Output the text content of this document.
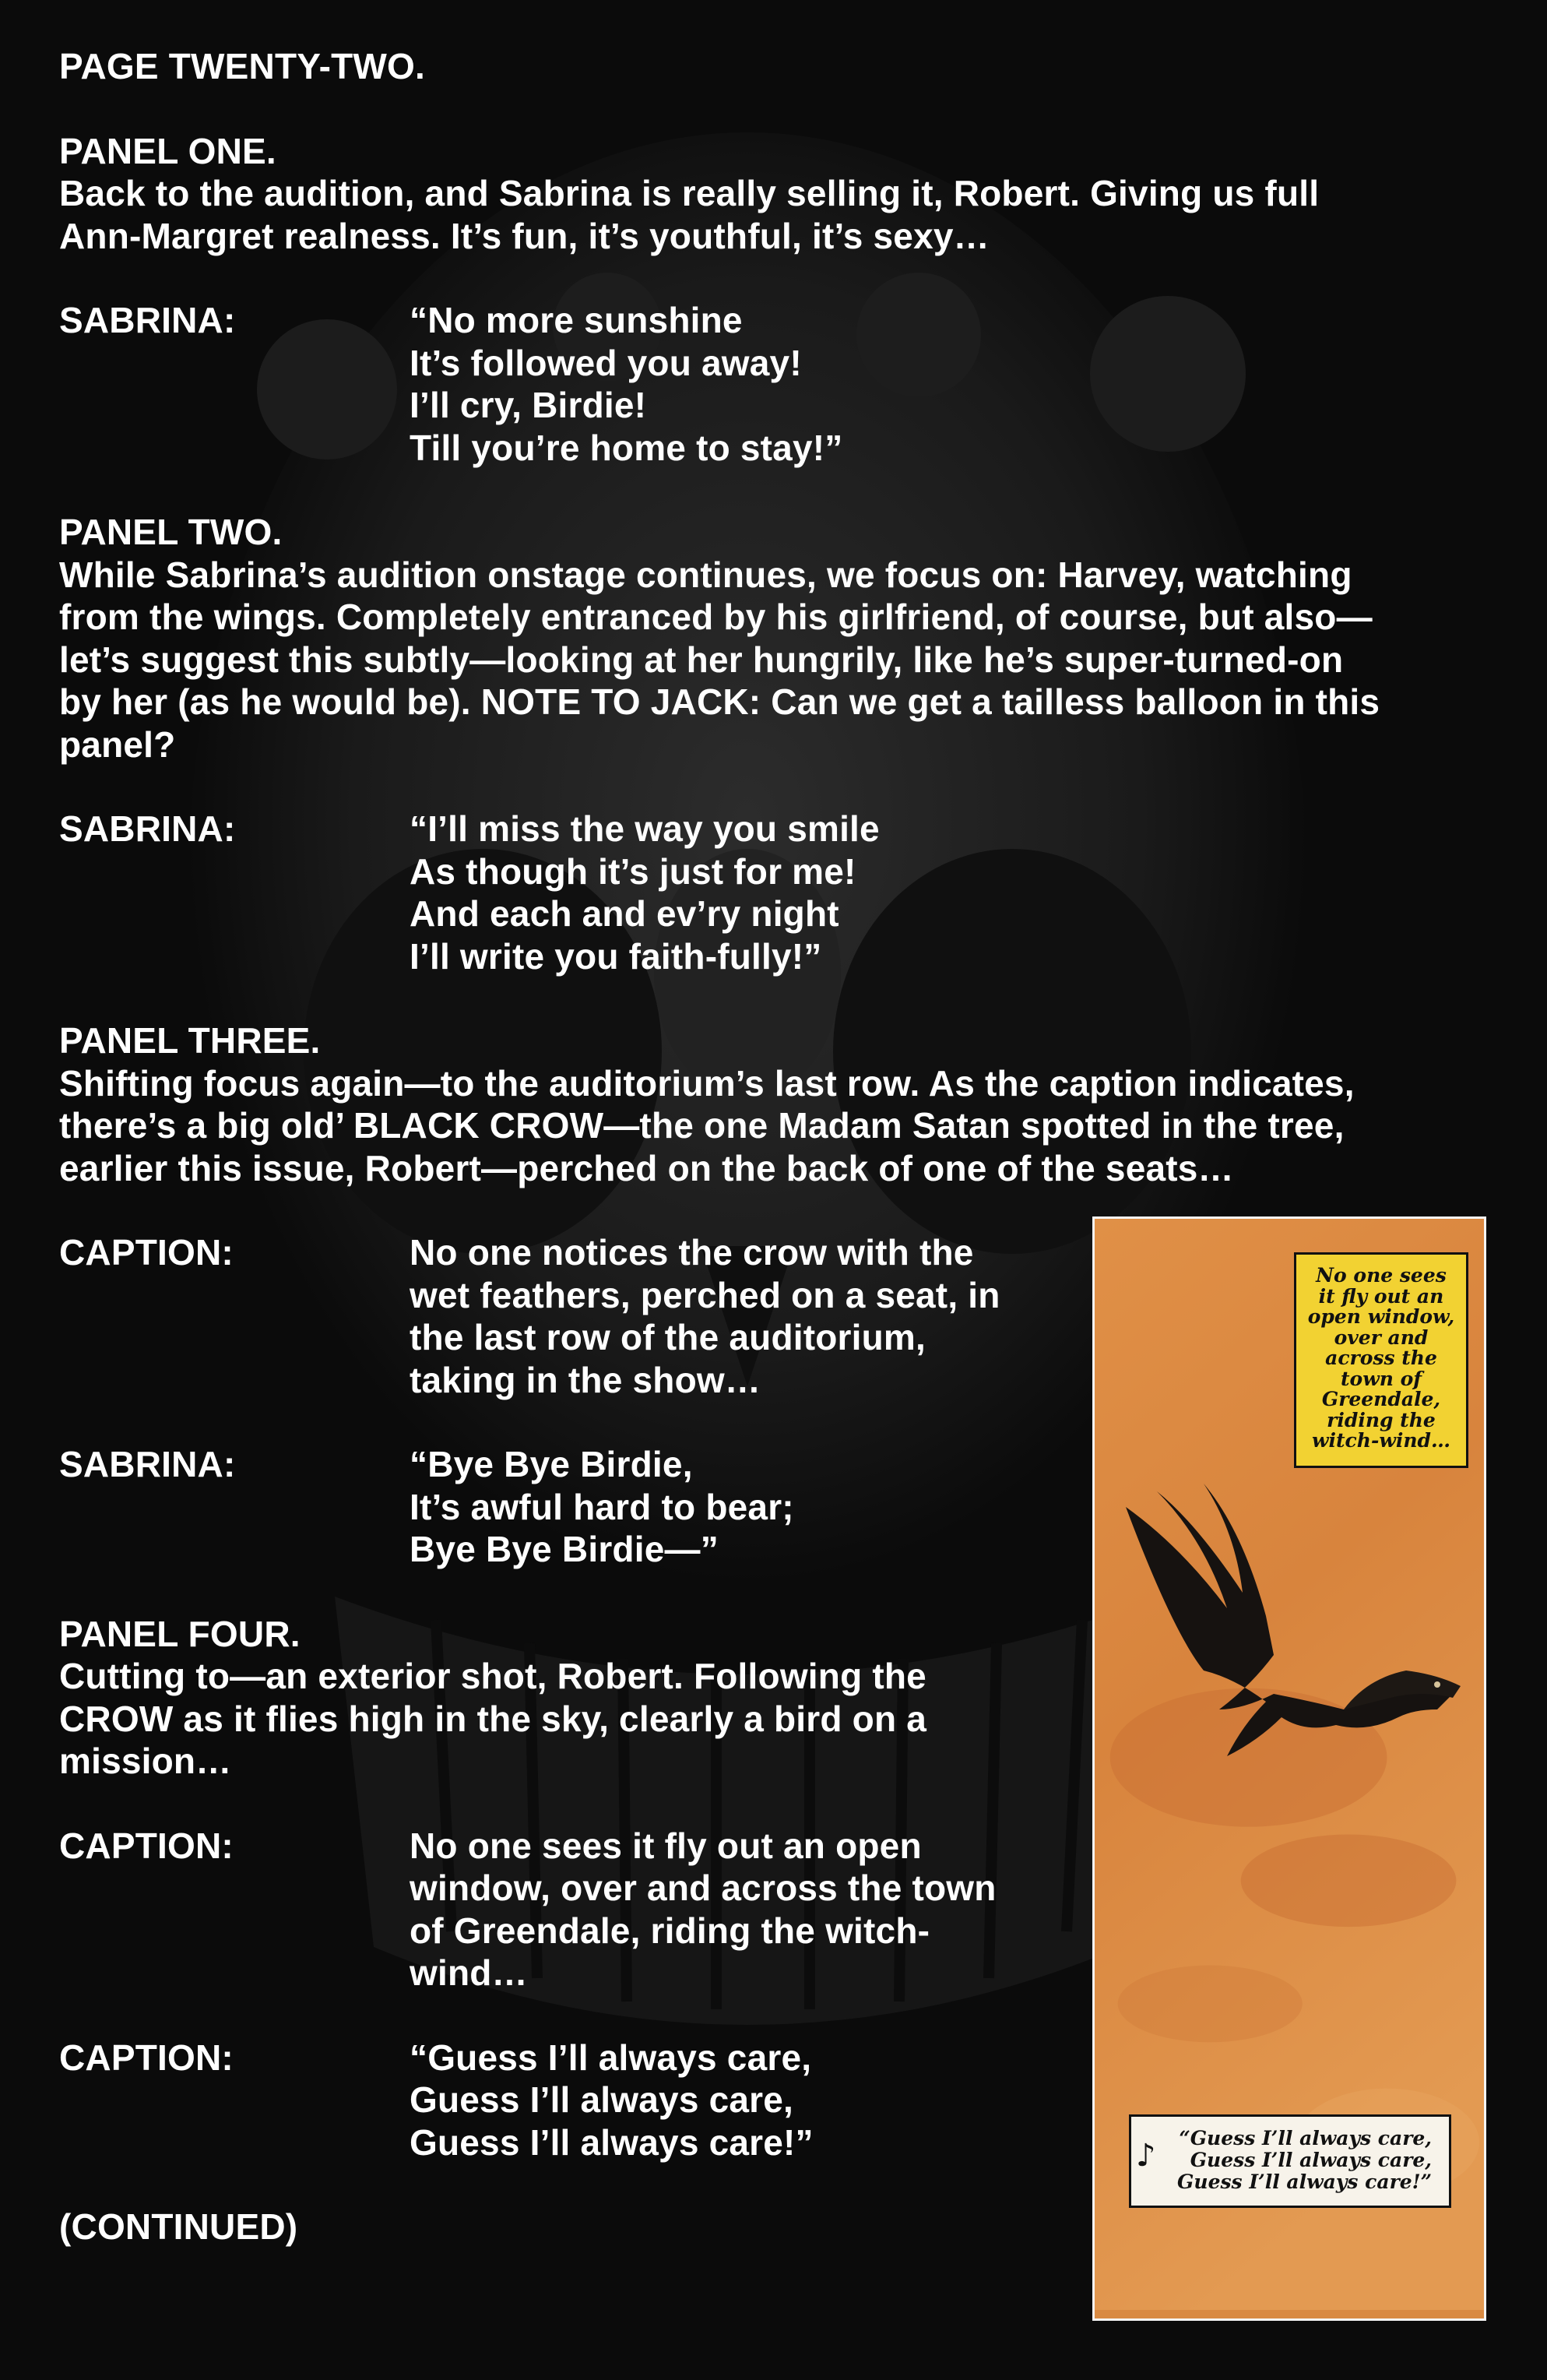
PAGE TWENTY-TWO.
PANEL ONE.
Back to the audition, and Sabrina is really selling it, Robert. Giving us full
Ann-Margret realness. It’s fun, it’s youthful, it’s sexy…
SABRINA:	“No more sunshine
It’s followed you away!
I’ll cry, Birdie!
Till you’re home to stay!”
PANEL TWO.
While Sabrina’s audition onstage continues, we focus on: Harvey, watching
from the wings. Completely entranced by his girlfriend, of course, but also—
let’s suggest this subtly—looking at her hungrily, like he’s super-turned-on
by her (as he would be). NOTE TO JACK: Can we get a tailless balloon in this
panel?
SABRINA:	“I’ll miss the way you smile
As though it’s just for me!
And each and ev’ry night
I’ll write you faith-fully!”
PANEL THREE.
Shifting focus again—to the auditorium’s last row. As the caption indicates,
there’s a big old’ BLACK CROW—the one Madam Satan spotted in the tree,
earlier this issue, Robert—perched on the back of one of the seats…
CAPTION:	No one notices the crow with the
wet feathers, perched on a seat, in
the last row of the auditorium,
taking in the show…
SABRINA:	“Bye Bye Birdie,
It’s awful hard to bear;
Bye Bye Birdie—”
PANEL FOUR.
Cutting to—an exterior shot, Robert. Following the
CROW as it flies high in the sky, clearly a bird on a
mission…
CAPTION:	No one sees it fly out an open
window, over and across the town
of Greendale, riding the witch-
wind…
CAPTION:	“Guess I’ll always care,
Guess I’ll always care,
Guess I’ll always care!”
(CONTINUED)
No one sees
it fly out an
open window,
over and
across the
town of
Greendale,
riding the
witch-wind…
♪	“Guess I’ll always care,
Guess I’ll always care,
Guess I’ll always care!”
